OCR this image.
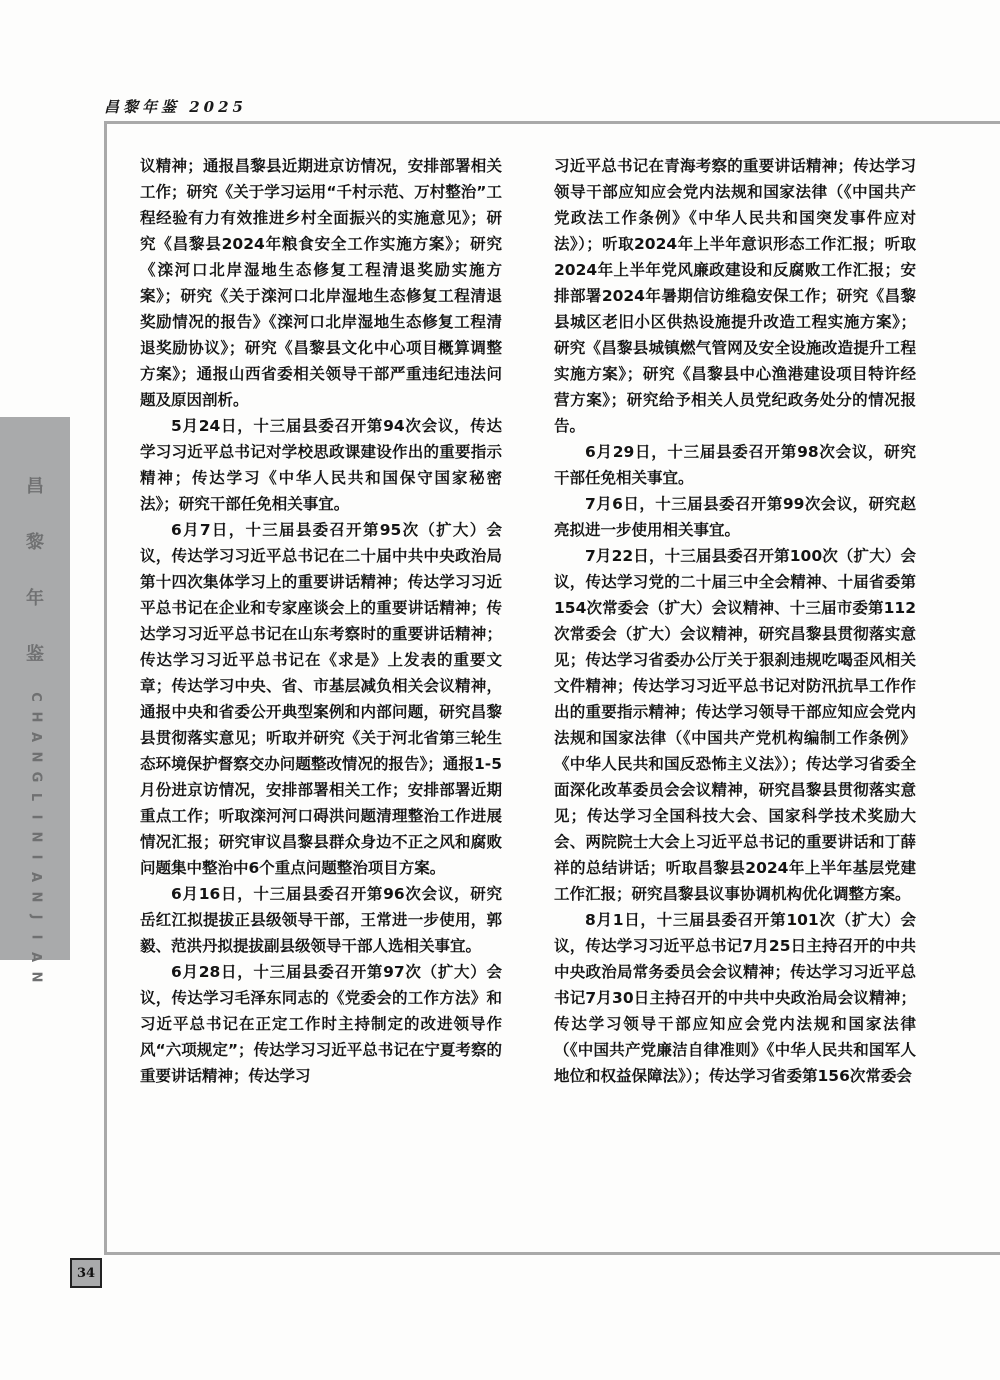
昌黎年鉴 2025
昌
黎
年
鉴
C
H
A
N
G
L
I
N
I
A
N
J
I
A
N

议精神；通报昌黎县近期进京访情况，安排部署相关工作；研究《关于学习运用“千村示范、万村整治”工程经验有力有效推进乡村全面振兴的实施意见》；研究《昌黎县2024年粮食安全工作实施方案》；研究《滦河口北岸湿地生态修复工程清退奖励实施方案》；研究《关于滦河口北岸湿地生态修复工程清退奖励情况的报告》《滦河口北岸湿地生态修复工程清退奖励协议》；研究《昌黎县文化中心项目概算调整方案》；通报山西省委相关领导干部严重违纪违法问题及原因剖析。

5月24日，十三届县委召开第94次会议，传达学习习近平总书记对学校思政课建设作出的重要指示精神；传达学习《中华人民共和国保守国家秘密法》；研究干部任免相关事宜。

6月7日，十三届县委召开第95次（扩大）会议，传达学习习近平总书记在二十届中共中央政治局第十四次集体学习上的重要讲话精神；传达学习习近平总书记在企业和专家座谈会上的重要讲话精神；传达学习习近平总书记在山东考察时的重要讲话精神；传达学习习近平总书记在《求是》上发表的重要文章；传达学习中央、省、市基层减负相关会议精神，通报中央和省委公开典型案例和内部问题，研究昌黎县贯彻落实意见；听取并研究《关于河北省第三轮生态环境保护督察交办问题整改情况的报告》；通报1-5月份进京访情况，安排部署相关工作；安排部署近期重点工作；听取滦河河口碍洪问题清理整治工作进展情况汇报；研究审议昌黎县群众身边不正之风和腐败问题集中整治中6个重点问题整治项目方案。

6月16日，十三届县委召开第96次会议，研究岳红江拟提拔正县级领导干部，王常进一步使用，郭毅、范洪丹拟提拔副县级领导干部人选相关事宜。

6月28日，十三届县委召开第97次（扩大）会议，传达学习毛泽东同志的《党委会的工作方法》和习近平总书记在正定工作时主持制定的改进领导作风“六项规定”；传达学习习近平总书记在宁夏考察的重要讲话精神；传达学习

习近平总书记在青海考察的重要讲话精神；传达学习领导干部应知应会党内法规和国家法律（《中国共产党政法工作条例》《中华人民共和国突发事件应对法》）；听取2024年上半年意识形态工作汇报；听取2024年上半年党风廉政建设和反腐败工作汇报；安排部署2024年暑期信访维稳安保工作；研究《昌黎县城区老旧小区供热设施提升改造工程实施方案》；研究《昌黎县城镇燃气管网及安全设施改造提升工程实施方案》；研究《昌黎县中心渔港建设项目特许经营方案》；研究给予相关人员党纪政务处分的情况报告。

6月29日，十三届县委召开第98次会议，研究干部任免相关事宜。

7月6日，十三届县委召开第99次会议，研究赵亮拟进一步使用相关事宜。

7月22日，十三届县委召开第100次（扩大）会议，传达学习党的二十届三中全会精神、十届省委第154次常委会（扩大）会议精神、十三届市委第112次常委会（扩大）会议精神，研究昌黎县贯彻落实意见；传达学习省委办公厅关于狠刹违规吃喝歪风相关文件精神；传达学习习近平总书记对防汛抗旱工作作出的重要指示精神；传达学习领导干部应知应会党内法规和国家法律（《中国共产党机构编制工作条例》《中华人民共和国反恐怖主义法》）；传达学习省委全面深化改革委员会会议精神，研究昌黎县贯彻落实意见；传达学习全国科技大会、国家科学技术奖励大会、两院院士大会上习近平总书记的重要讲话和丁薛祥的总结讲话；听取昌黎县2024年上半年基层党建工作汇报；研究昌黎县议事协调机构优化调整方案。

8月1日，十三届县委召开第101次（扩大）会议，传达学习习近平总书记7月25日主持召开的中共中央政治局常务委员会会议精神；传达学习习近平总书记7月30日主持召开的中共中央政治局会议精神；传达学习领导干部应知应会党内法规和国家法律（《中国共产党廉洁自律准则》《中华人民共和国军人地位和权益保障法》）；传达学习省委第156次常委会

34
